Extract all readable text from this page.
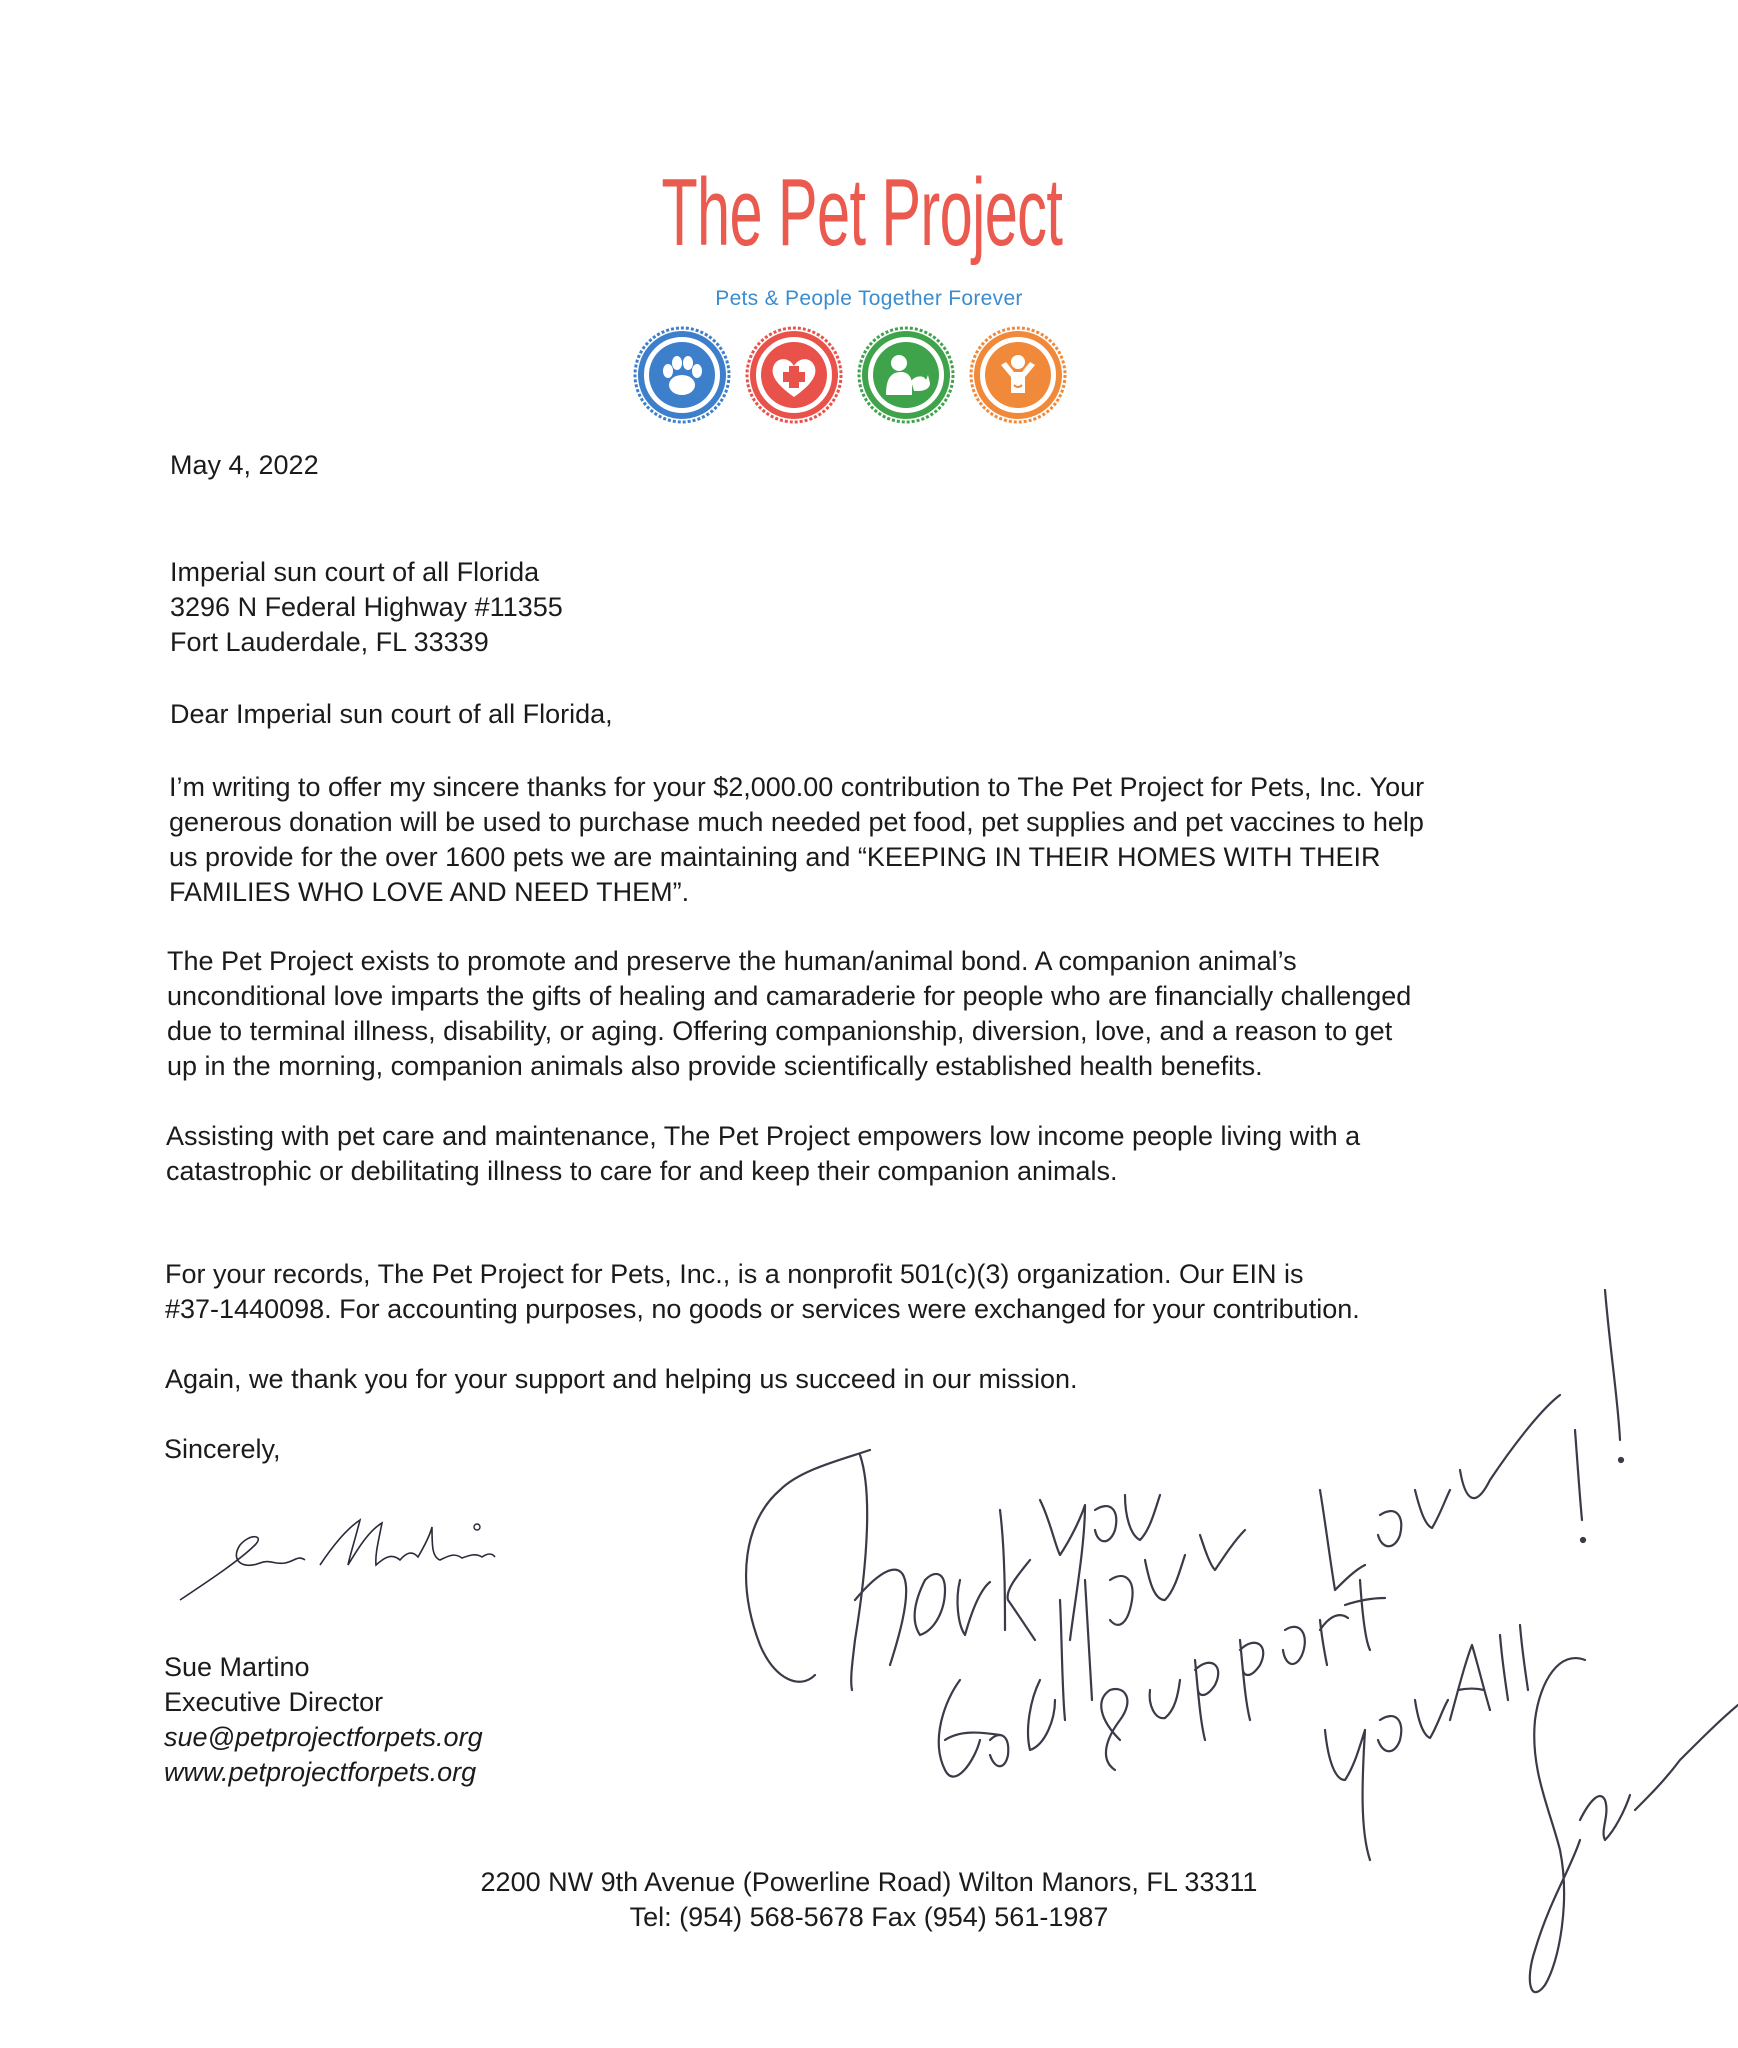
The Pet Project
Pets & People Together Forever
May 4, 2022
Imperial sun court of all Florida
3296 N Federal Highway #11355
Fort Lauderdale, FL 33339
Dear Imperial sun court of all Florida,
I’m writing to offer my sincere thanks for your $2,000.00 contribution to The Pet Project for Pets, Inc. Your
generous donation will be used to purchase much needed pet food, pet supplies and pet vaccines to help
us provide for the over 1600 pets we are maintaining and “KEEPING IN THEIR HOMES WITH THEIR
FAMILIES WHO LOVE AND NEED THEM”.
The Pet Project exists to promote and preserve the human/animal bond. A companion animal’s
unconditional love imparts the gifts of healing and camaraderie for people who are financially challenged
due to terminal illness, disability, or aging. Offering companionship, diversion, love, and a reason to get
up in the morning, companion animals also provide scientifically established health benefits.
Assisting with pet care and maintenance, The Pet Project empowers low income people living with a
catastrophic or debilitating illness to care for and keep their companion animals.
For your records, The Pet Project for Pets, Inc., is a nonprofit 501(c)(3) organization. Our EIN is
#37-1440098. For accounting purposes, no goods or services were exchanged for your contribution.
Again, we thank you for your support and helping us succeed in our mission.
Sincerely,
Sue Martino
Executive Director
sue@petprojectforpets.org
www.petprojectforpets.org
2200 NW 9th Avenue (Powerline Road) Wilton Manors, FL 33311
Tel: (954) 568-5678 Fax (954) 561-1987
